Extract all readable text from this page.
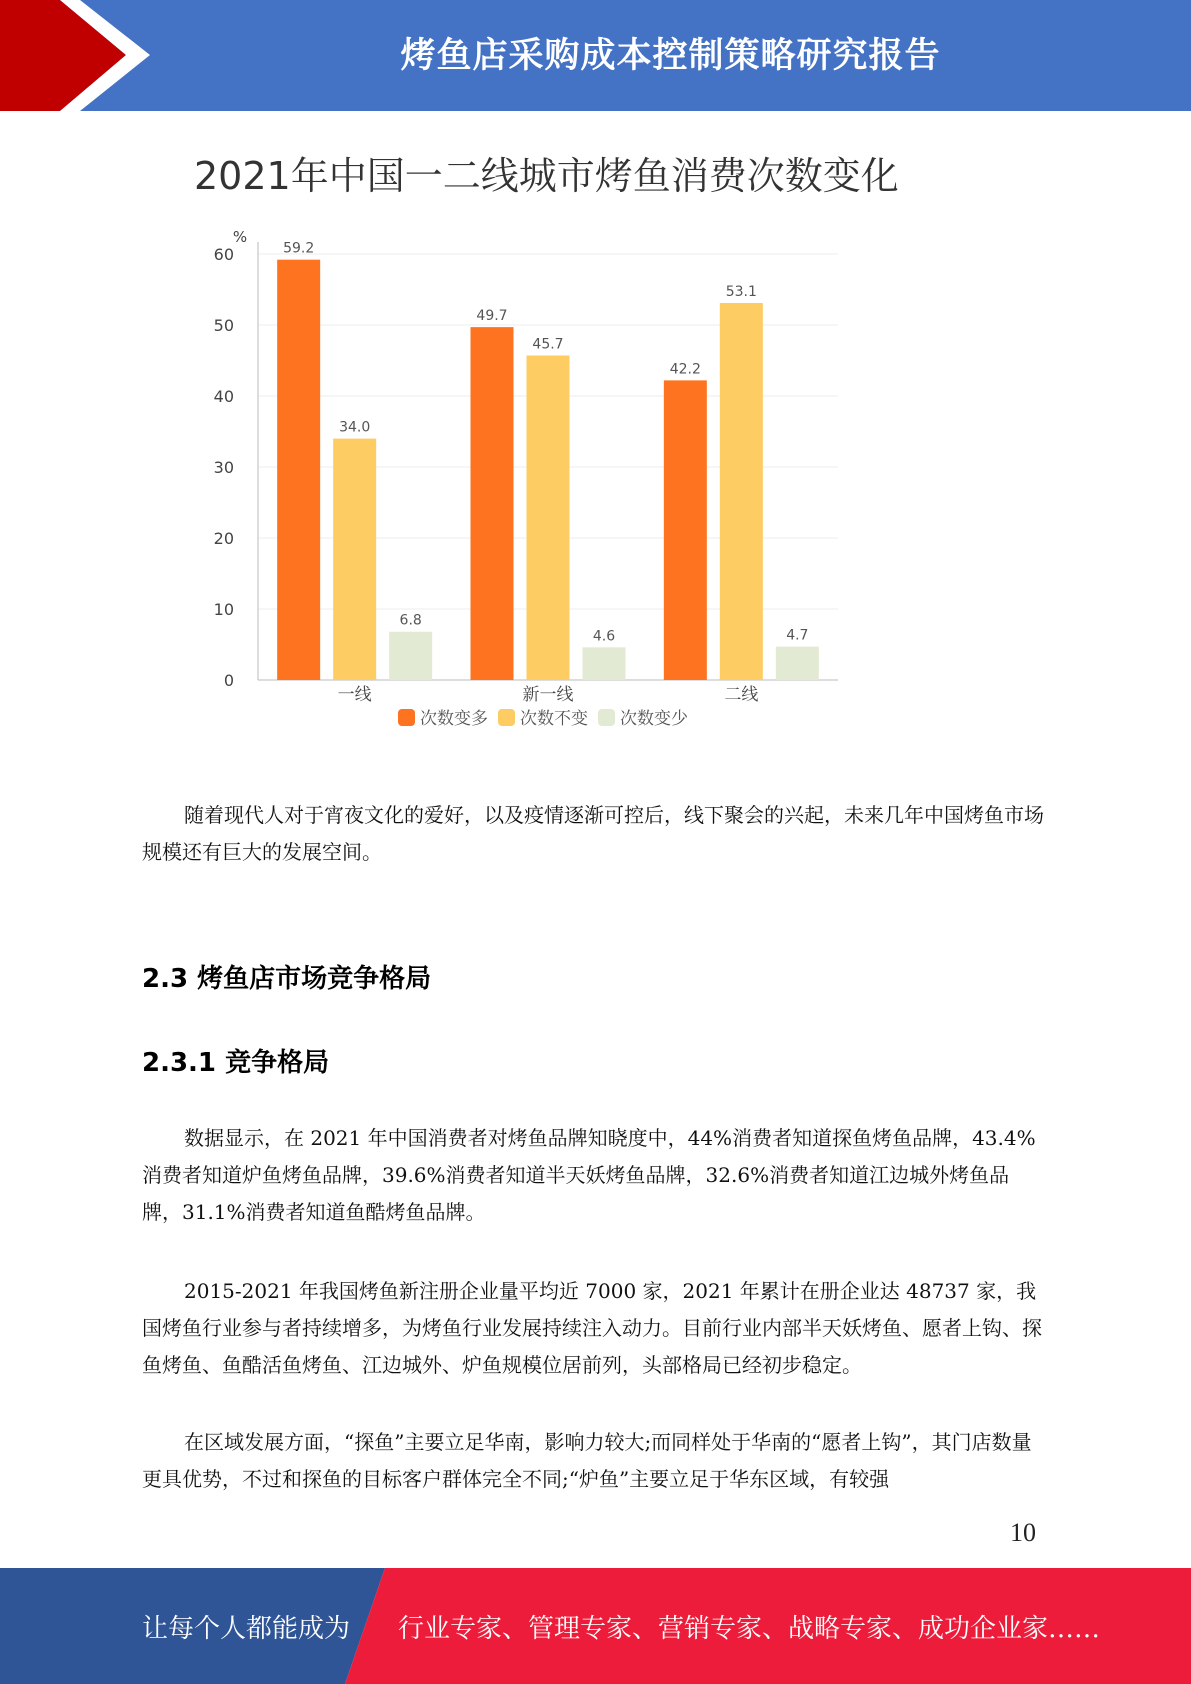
烤鱼店采购成本控制策略研究报告
0
10
20
30
40
50
60
%
59.2
34.0
6.8
一线
49.7
45.7
4.6
新一线
42.2
53.1
4.7
二线
次数变多 次数不变 次数变少
2021年中国一二线城市烤鱼消费次数变化

随着现代人对于宵夜文化的爱好，以及疫情逐渐可控后，线下聚会的兴起，未来几年中国烤鱼市场规模还有巨大的发展空间。

2.3 烤鱼店市场竞争格局
2.3.1 竞争格局

数据显示，在 2021 年中国消费者对烤鱼品牌知晓度中，44%消费者知道探鱼烤鱼品牌，43.4%消费者知道炉鱼烤鱼品牌，39.6%消费者知道半天妖烤鱼品牌，32.6%消费者知道江边城外烤鱼品牌，31.1%消费者知道鱼酷烤鱼品牌。

2015-2021 年我国烤鱼新注册企业量平均近 7000 家，2021 年累计在册企业达 48737 家，我国烤鱼行业参与者持续增多，为烤鱼行业发展持续注入动力。目前行业内部半天妖烤鱼、愿者上钩、探鱼烤鱼、鱼酷活鱼烤鱼、江边城外、炉鱼规模位居前列，头部格局已经初步稳定。

在区域发展方面，“探鱼”主要立足华南，影响力较大;而同样处于华南的“愿者上钩”，其门店数量更具优势，不过和探鱼的目标客户群体完全不同;“炉鱼”主要立足于华东区域，有较强

10
让每个人都能成为 行业专家、管理专家、营销专家、战略专家、成功企业家……
